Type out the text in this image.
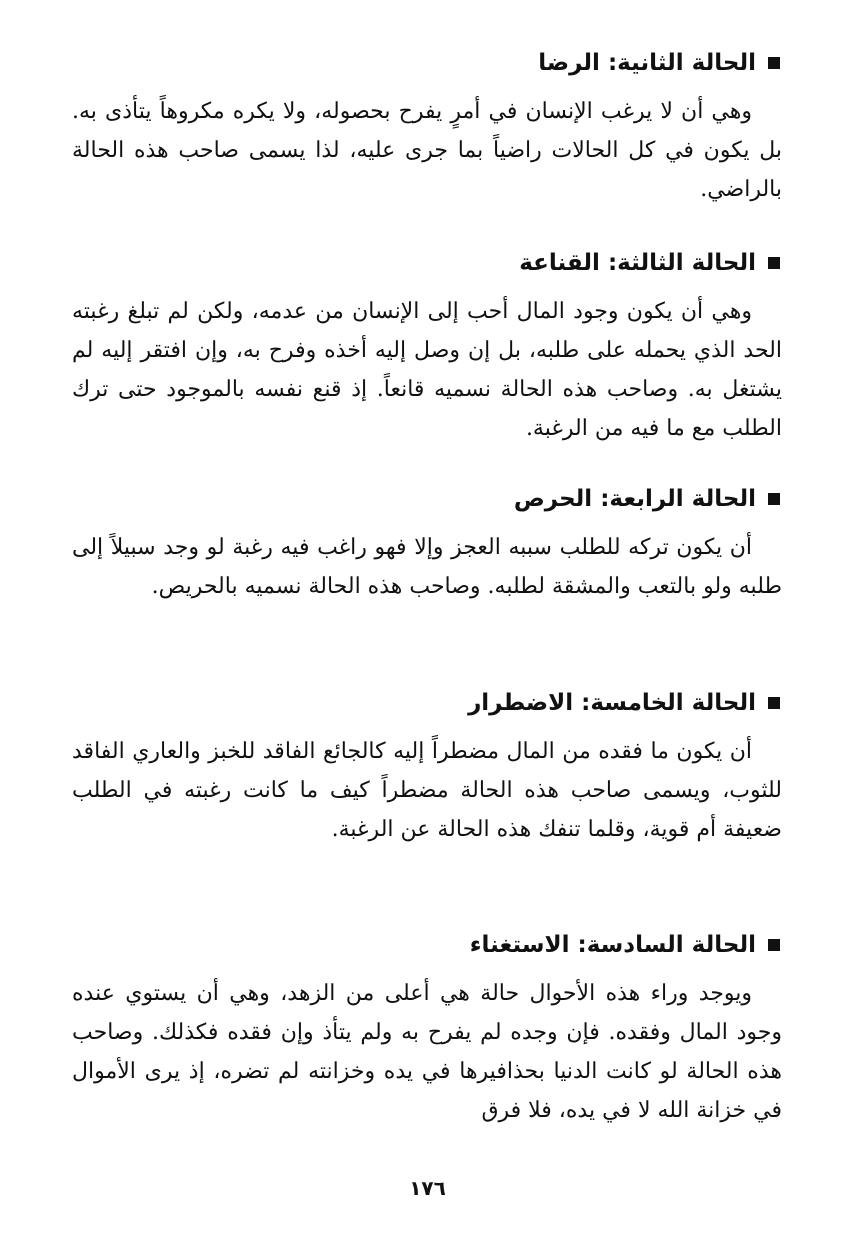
الحالة الثانية: الرضا

وهي أن لا يرغب الإنسان في أمرٍ يفرح بحصوله، ولا يكره مكروهاً يتأذى به. بل يكون في كل الحالات راضياً بما جرى عليه، لذا يسمى صاحب هذه الحالة بالراضي.

الحالة الثالثة: القناعة

وهي أن يكون وجود المال أحب إلى الإنسان من عدمه، ولكن لم تبلغ رغبته الحد الذي يحمله على طلبه، بل إن وصل إليه أخذه وفرح به، وإن افتقر إليه لم يشتغل به. وصاحب هذه الحالة نسميه قانعاً. إذ قنع نفسه بالموجود حتى ترك الطلب مع ما فيه من الرغبة.

الحالة الرابعة: الحرص

أن يكون تركه للطلب سببه العجز وإلا فهو راغب فيه رغبة لو وجد سبيلاً إلى طلبه ولو بالتعب والمشقة لطلبه. وصاحب هذه الحالة نسميه بالحريص.

الحالة الخامسة: الاضطرار

أن يكون ما فقده من المال مضطراً إليه كالجائع الفاقد للخبز والعاري الفاقد للثوب، ويسمى صاحب هذه الحالة مضطراً كيف ما كانت رغبته في الطلب ضعيفة أم قوية، وقلما تنفك هذه الحالة عن الرغبة.

الحالة السادسة: الاستغناء

ويوجد وراء هذه الأحوال حالة هي أعلى من الزهد، وهي أن يستوي عنده وجود المال وفقده. فإن وجده لم يفرح به ولم يتأذ وإن فقده فكذلك. وصاحب هذه الحالة لو كانت الدنيا بحذافيرها في يده وخزانته لم تضره، إذ يرى الأموال في خزانة الله لا في يده، فلا فرق

١٧٦
